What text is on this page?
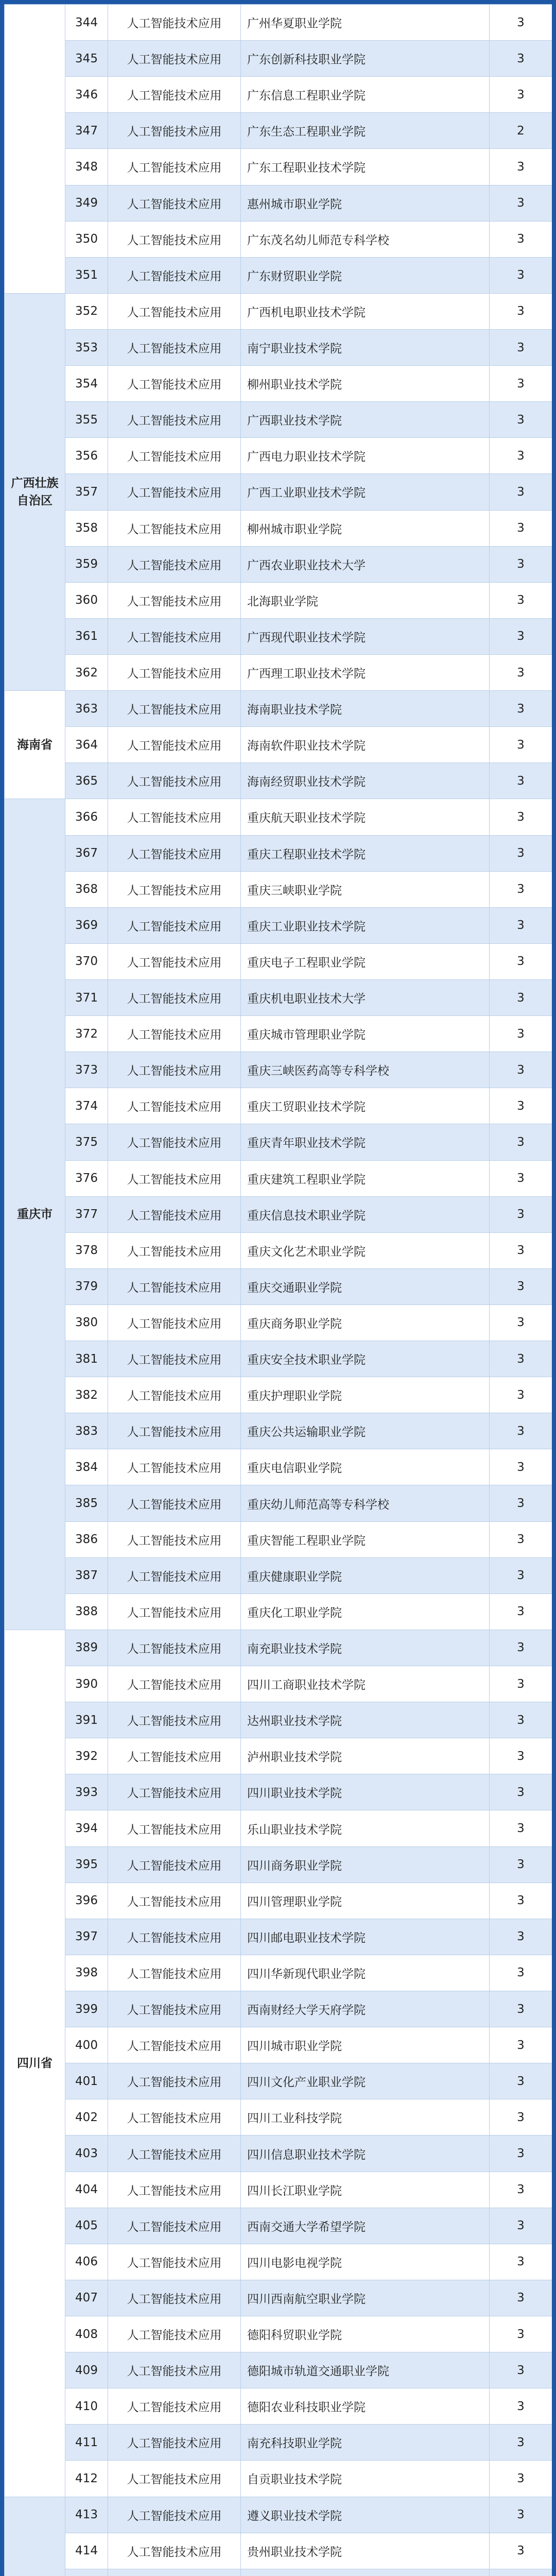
	344	人工智能技术应用	广州华夏职业学院	3
	345	人工智能技术应用	广东创新科技职业学院	3
	346	人工智能技术应用	广东信息工程职业学院	3
	347	人工智能技术应用	广东生态工程职业学院	2
	348	人工智能技术应用	广东工程职业技术学院	3
	349	人工智能技术应用	惠州城市职业学院	3
	350	人工智能技术应用	广东茂名幼儿师范专科学校	3
	351	人工智能技术应用	广东财贸职业学院	3
广西壮族自治区	352	人工智能技术应用	广西机电职业技术学院	3
	353	人工智能技术应用	南宁职业技术学院	3
	354	人工智能技术应用	柳州职业技术学院	3
	355	人工智能技术应用	广西职业技术学院	3
	356	人工智能技术应用	广西电力职业技术学院	3
	357	人工智能技术应用	广西工业职业技术学院	3
	358	人工智能技术应用	柳州城市职业学院	3
	359	人工智能技术应用	广西农业职业技术大学	3
	360	人工智能技术应用	北海职业学院	3
	361	人工智能技术应用	广西现代职业技术学院	3
	362	人工智能技术应用	广西理工职业技术学院	3
海南省	363	人工智能技术应用	海南职业技术学院	3
	364	人工智能技术应用	海南软件职业技术学院	3
	365	人工智能技术应用	海南经贸职业技术学院	3
重庆市	366	人工智能技术应用	重庆航天职业技术学院	3
	367	人工智能技术应用	重庆工程职业技术学院	3
	368	人工智能技术应用	重庆三峡职业学院	3
	369	人工智能技术应用	重庆工业职业技术学院	3
	370	人工智能技术应用	重庆电子工程职业学院	3
	371	人工智能技术应用	重庆机电职业技术大学	3
	372	人工智能技术应用	重庆城市管理职业学院	3
	373	人工智能技术应用	重庆三峡医药高等专科学校	3
	374	人工智能技术应用	重庆工贸职业技术学院	3
	375	人工智能技术应用	重庆青年职业技术学院	3
	376	人工智能技术应用	重庆建筑工程职业学院	3
	377	人工智能技术应用	重庆信息技术职业学院	3
	378	人工智能技术应用	重庆文化艺术职业学院	3
	379	人工智能技术应用	重庆交通职业学院	3
	380	人工智能技术应用	重庆商务职业学院	3
	381	人工智能技术应用	重庆安全技术职业学院	3
	382	人工智能技术应用	重庆护理职业学院	3
	383	人工智能技术应用	重庆公共运输职业学院	3
	384	人工智能技术应用	重庆电信职业学院	3
	385	人工智能技术应用	重庆幼儿师范高等专科学校	3
	386	人工智能技术应用	重庆智能工程职业学院	3
	387	人工智能技术应用	重庆健康职业学院	3
	388	人工智能技术应用	重庆化工职业学院	3
四川省	389	人工智能技术应用	南充职业技术学院	3
	390	人工智能技术应用	四川工商职业技术学院	3
	391	人工智能技术应用	达州职业技术学院	3
	392	人工智能技术应用	泸州职业技术学院	3
	393	人工智能技术应用	四川职业技术学院	3
	394	人工智能技术应用	乐山职业技术学院	3
	395	人工智能技术应用	四川商务职业学院	3
	396	人工智能技术应用	四川管理职业学院	3
	397	人工智能技术应用	四川邮电职业技术学院	3
	398	人工智能技术应用	四川华新现代职业学院	3
	399	人工智能技术应用	西南财经大学天府学院	3
	400	人工智能技术应用	四川城市职业学院	3
	401	人工智能技术应用	四川文化产业职业学院	3
	402	人工智能技术应用	四川工业科技学院	3
	403	人工智能技术应用	四川信息职业技术学院	3
	404	人工智能技术应用	四川长江职业学院	3
	405	人工智能技术应用	西南交通大学希望学院	3
	406	人工智能技术应用	四川电影电视学院	3
	407	人工智能技术应用	四川西南航空职业学院	3
	408	人工智能技术应用	德阳科贸职业学院	3
	409	人工智能技术应用	德阳城市轨道交通职业学院	3
	410	人工智能技术应用	德阳农业科技职业学院	3
	411	人工智能技术应用	南充科技职业学院	3
	412	人工智能技术应用	自贡职业技术学院	3
	413	人工智能技术应用	遵义职业技术学院	3
	414	人工智能技术应用	贵州职业技术学院	3
